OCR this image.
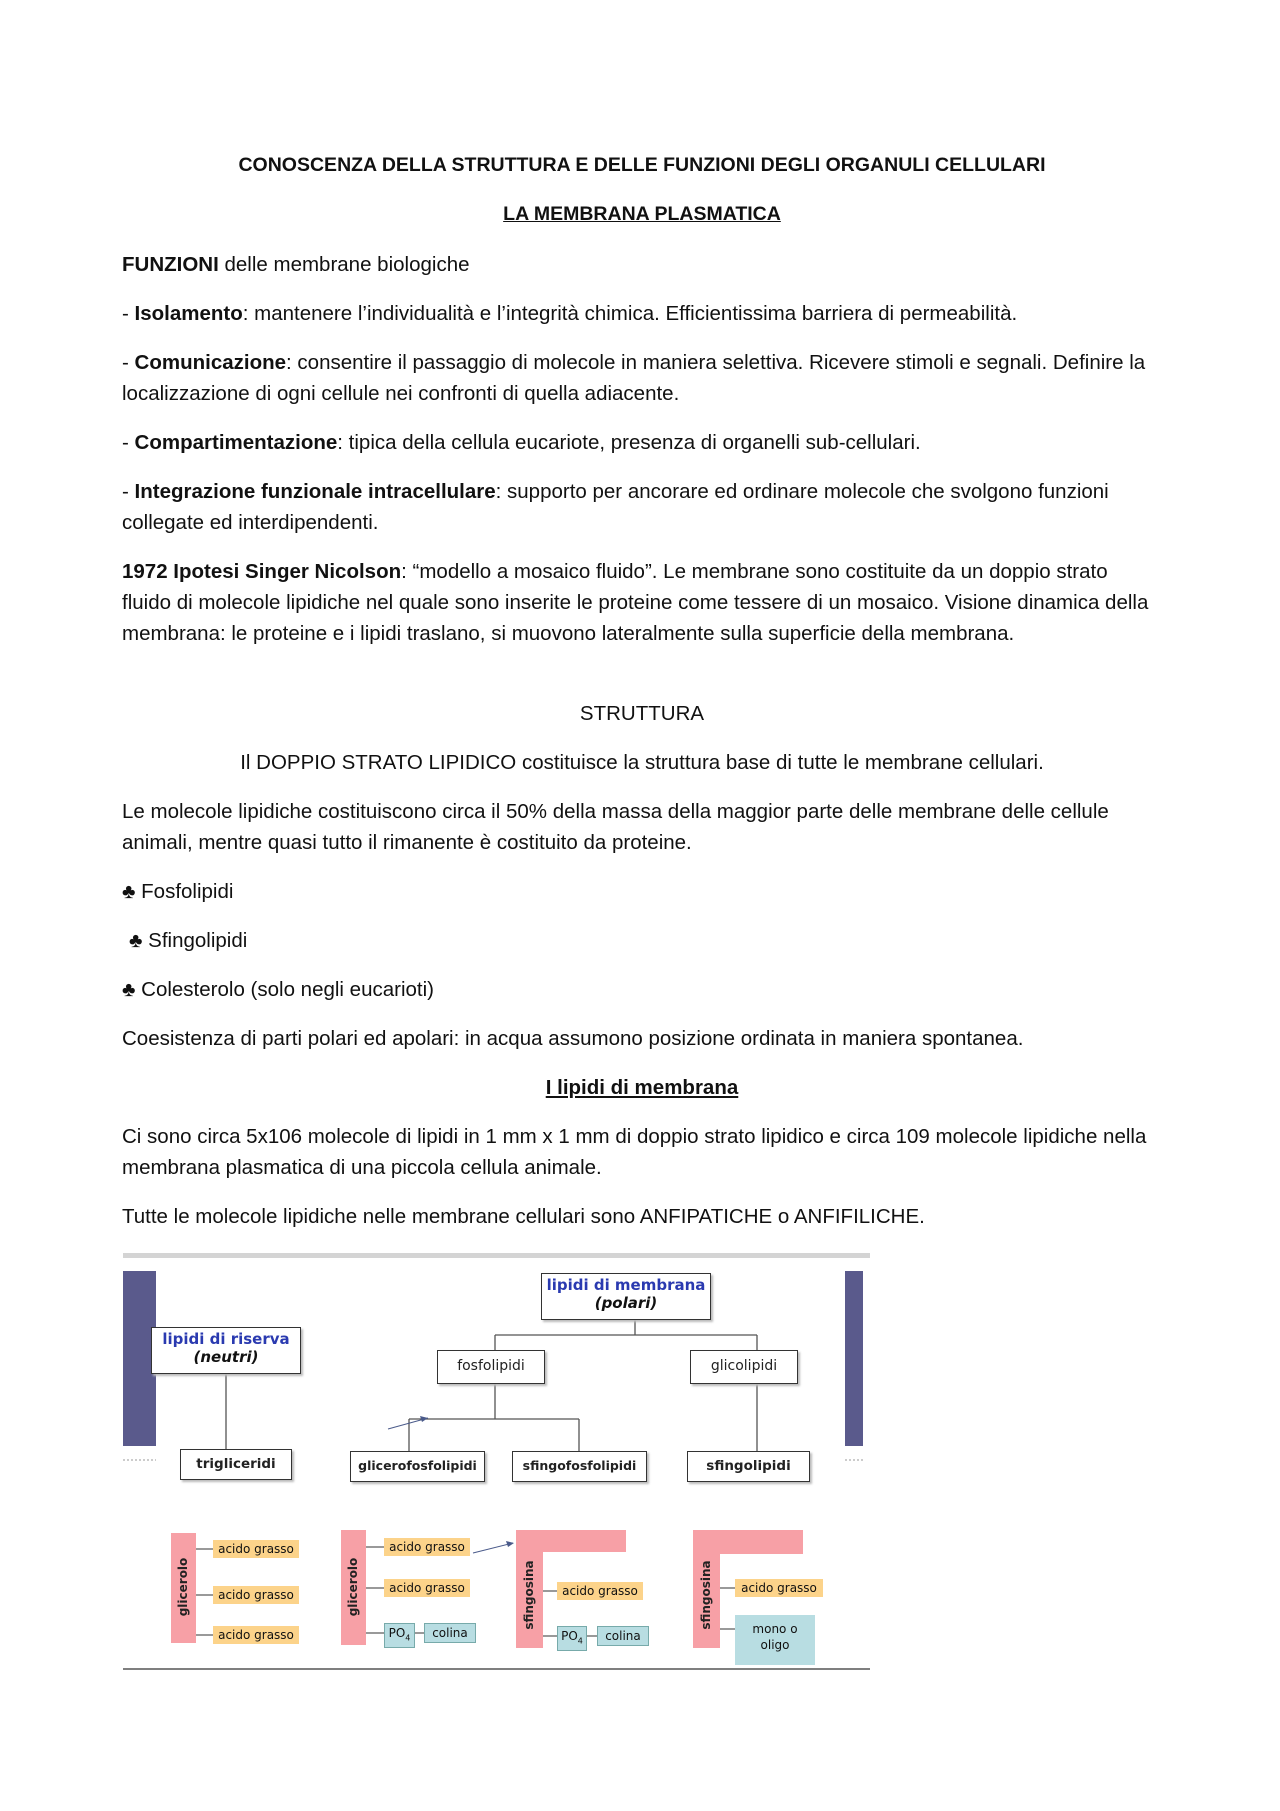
CONOSCENZA DELLA STRUTTURA E DELLE FUNZIONI DEGLI ORGANULI CELLULARI
LA MEMBRANA PLASMATICA
FUNZIONI delle membrane biologiche
- Isolamento: mantenere l’individualità e l’integrità chimica. Efficientissima barriera di permeabilità.
- Comunicazione: consentire il passaggio di molecole in maniera selettiva. Ricevere stimoli e segnali. Definire la localizzazione di ogni cellule nei confronti di quella adiacente.
- Compartimentazione: tipica della cellula eucariote, presenza di organelli sub-cellulari.
- Integrazione funzionale intracellulare: supporto per ancorare ed ordinare molecole che svolgono funzioni collegate ed interdipendenti.
1972 Ipotesi Singer Nicolson: “modello a mosaico fluido”. Le membrane sono costituite da un doppio strato fluido di molecole lipidiche nel quale sono inserite le proteine come tessere di un mosaico. Visione dinamica della membrana: le proteine e i lipidi traslano, si muovono lateralmente sulla superficie della membrana.
STRUTTURA
Il DOPPIO STRATO LIPIDICO costituisce la struttura base di tutte le membrane cellulari.
Le molecole lipidiche costituiscono circa il 50% della massa della maggior parte delle membrane delle cellule animali, mentre quasi tutto il rimanente è costituito da proteine.
♣ Fosfolipidi
♣ Sfingolipidi
♣ Colesterolo (solo negli eucarioti)
Coesistenza di parti polari ed apolari: in acqua assumono posizione ordinata in maniera spontanea.
I lipidi di membrana
Ci sono circa 5x106 molecole di lipidi in 1 mm x 1 mm di doppio strato lipidico e circa 109 molecole lipidiche nella membrana plasmatica di una piccola cellula animale.
Tutte le molecole lipidiche nelle membrane cellulari sono ANFIPATICHE o ANFIFILICHE.
lipidi di membrana
(polari)
lipidi di riserva
(neutri)	fosfolipidi	glicolipidi
trigliceridi	glicerofosfolipidi	sfingofosfolipidi	sfingolipidi
glicerolo	glicerolo	sfingosina	sfingosina
acido grasso
acido grasso
acido grasso
acido grasso
acido grasso
$PO_4$	colina
acido grasso
$PO_4$	colina
acido grasso
mono o
oligo
